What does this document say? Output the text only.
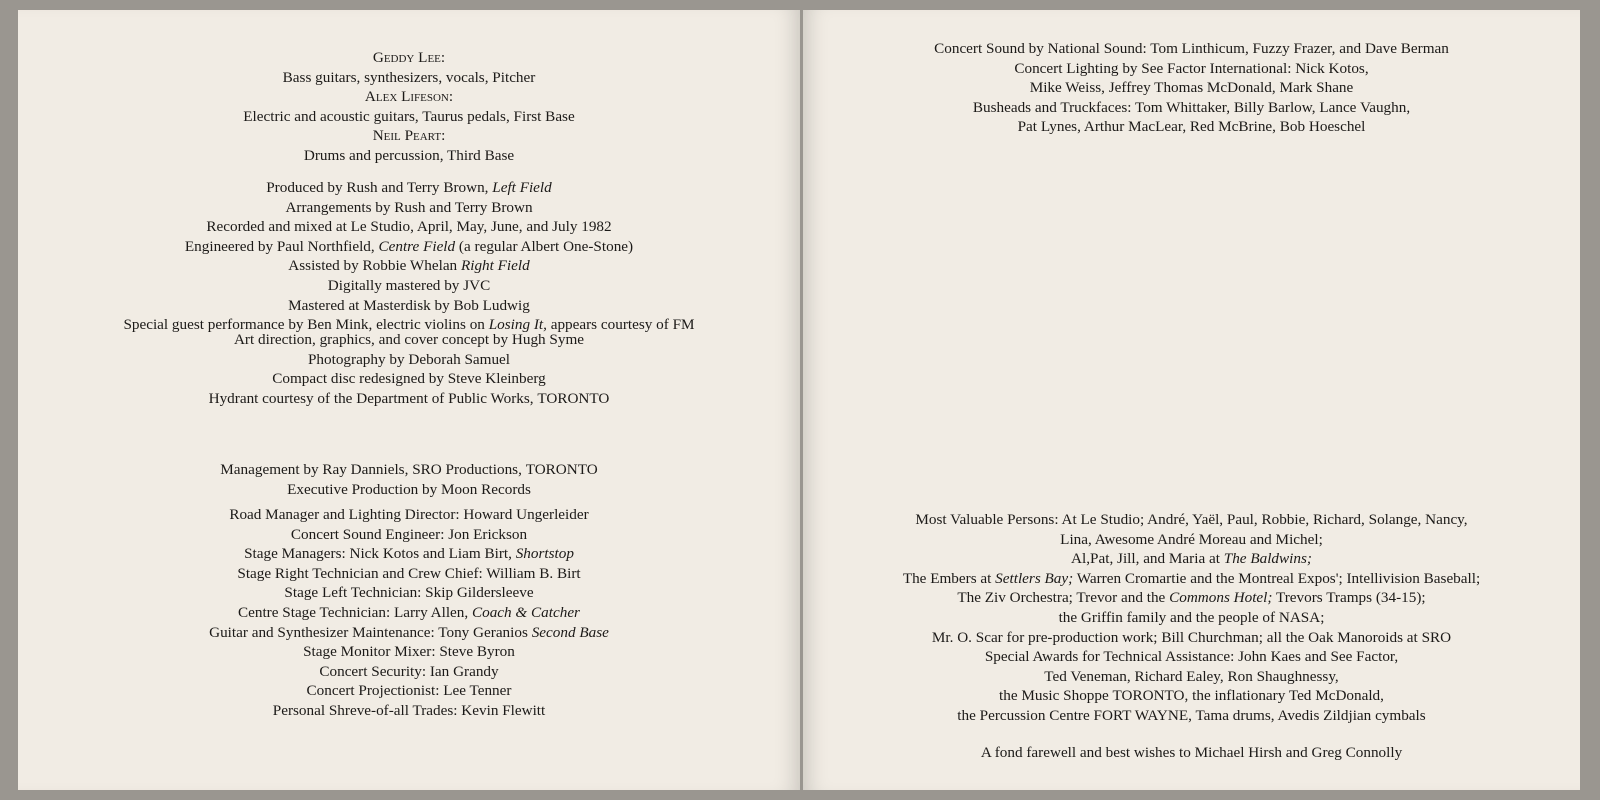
Geddy Lee:
Bass guitars, synthesizers, vocals, Pitcher
Alex Lifeson:
Electric and acoustic guitars, Taurus pedals, First Base
Neil Peart:
Drums and percussion, Third Base
Produced by Rush and Terry Brown, Left Field
Arrangements by Rush and Terry Brown
Recorded and mixed at Le Studio, April, May, June, and July 1982
Engineered by Paul Northfield, Centre Field (a regular Albert One-Stone)
Assisted by Robbie Whelan Right Field
Digitally mastered by JVC
Mastered at Masterdisk by Bob Ludwig
Special guest performance by Ben Mink, electric violins on Losing It, appears courtesy of FM
Art direction, graphics, and cover concept by Hugh Syme
Photography by Deborah Samuel
Compact disc redesigned by Steve Kleinberg
Hydrant courtesy of the Department of Public Works, TORONTO
Management by Ray Danniels, SRO Productions, TORONTO
Executive Production by Moon Records
Road Manager and Lighting Director: Howard Ungerleider
Concert Sound Engineer: Jon Erickson
Stage Managers: Nick Kotos and Liam Birt, Shortstop
Stage Right Technician and Crew Chief: William B. Birt
Stage Left Technician: Skip Gildersleeve
Centre Stage Technician: Larry Allen, Coach & Catcher
Guitar and Synthesizer Maintenance: Tony Geranios Second Base
Stage Monitor Mixer: Steve Byron
Concert Security: Ian Grandy
Concert Projectionist: Lee Tenner
Personal Shreve-of-all Trades: Kevin Flewitt
Concert Sound by National Sound: Tom Linthicum, Fuzzy Frazer, and Dave Berman
Concert Lighting by See Factor International: Nick Kotos,
Mike Weiss, Jeffrey Thomas McDonald, Mark Shane
Busheads and Truckfaces: Tom Whittaker, Billy Barlow, Lance Vaughn,
Pat Lynes, Arthur MacLear, Red McBrine, Bob Hoeschel
Most Valuable Persons: At Le Studio; André, Yaël, Paul, Robbie, Richard, Solange, Nancy,
Lina, Awesome André Moreau and Michel;
Al,Pat, Jill, and Maria at The Baldwins;
The Embers at Settlers Bay; Warren Cromartie and the Montreal Expos'; Intellivision Baseball;
The Ziv Orchestra; Trevor and the Commons Hotel; Trevors Tramps (34-15);
the Griffin family and the people of NASA;
Mr. O. Scar for pre-production work; Bill Churchman; all the Oak Manoroids at SRO
Special Awards for Technical Assistance: John Kaes and See Factor,
Ted Veneman, Richard Ealey, Ron Shaughnessy,
the Music Shoppe TORONTO, the inflationary Ted McDonald,
the Percussion Centre FORT WAYNE, Tama drums, Avedis Zildjian cymbals
A fond farewell and best wishes to Michael Hirsh and Greg Connolly
